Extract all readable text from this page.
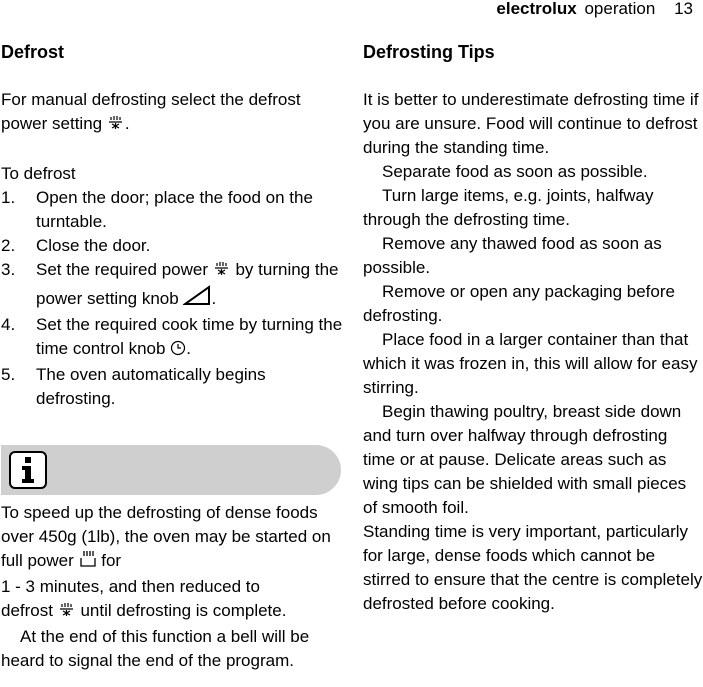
electrolux operation 13
Defrost

For manual defrosting select the defrost power setting .

To defrost

1.	Open the door; place the food on the turntable.
2.	Close the door.
3.	Set the required power by turning the power setting knob .
4.	Set the required cook time by turning the time control knob .
5.	The oven automatically begins defrosting.

To speed up the defrosting of dense foods over 450g (1lb), the oven may be started on full power for
1 - 3 minutes, and then reduced to
defrost until defrosting is complete.

At the end of this function a bell will be heard to signal the end of the program.

Defrosting Tips

It is better to underestimate defrosting time if you are unsure. Food will continue to defrost during the standing time.

Separate food as soon as possible.

Turn large items, e.g. joints, halfway through the defrosting time.

Remove any thawed food as soon as possible.

Remove or open any packaging before defrosting.

Place food in a larger container than that which it was frozen in, this will allow for easy stirring.

Begin thawing poultry, breast side down and turn over halfway through defrosting time or at pause. Delicate areas such as wing tips can be shielded with small pieces of smooth foil.

Standing time is very important, particularly for large, dense foods which cannot be stirred to ensure that the centre is completely defrosted before cooking.
